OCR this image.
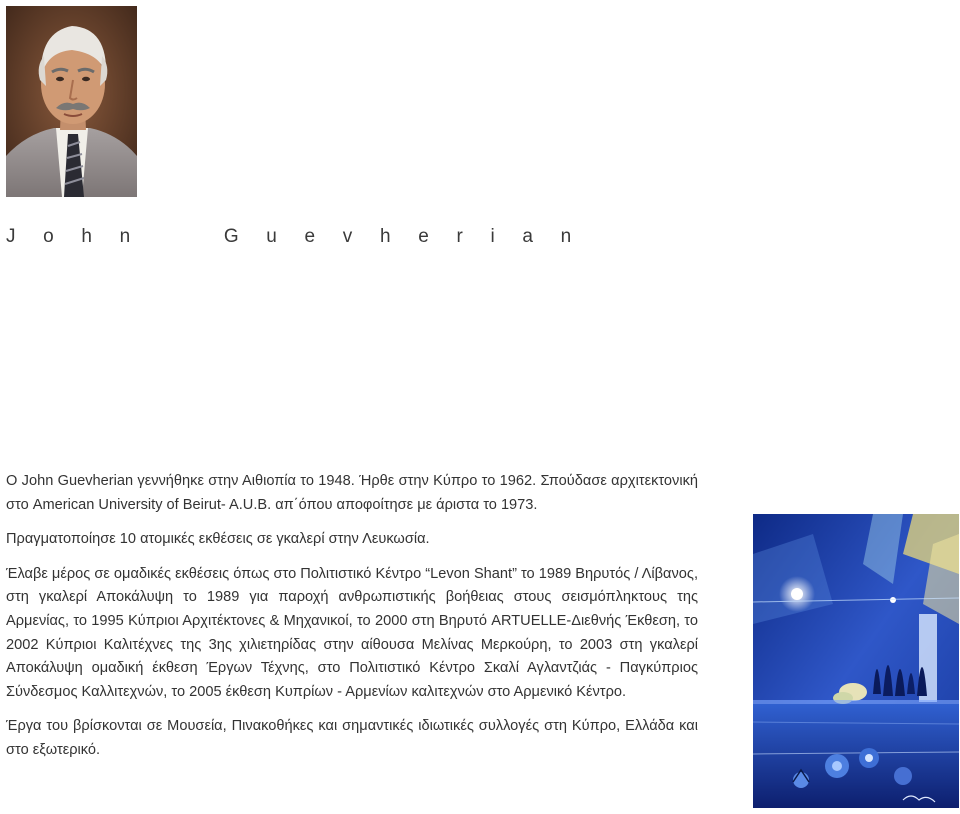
J o h n     G u e v h e r i a n

Ο John Guevherian γεννήθηκε στην Αιθιοπία το 1948. Ήρθε στην Κύπρο το 1962. Σπούδασε αρχιτεκτονική στο American University of Beirut- A.U.B. απ΄όπου αποφοίτησε με άριστα το 1973.

Πραγματοποίησε 10 ατομικές εκθέσεις σε γκαλερί στην Λευκωσία.

Έλαβε μέρος σε ομαδικές εκθέσεις όπως στο Πολιτιστικό Κέντρο “Levon Shant” το 1989 Βηρυτός / Λίβανος, στη γκαλερί Αποκάλυψη το 1989 για παροχή ανθρωπιστικής βοήθειας στους σεισμόπληκτους της Αρμενίας, το 1995 Κύπριοι Αρχιτέκτονες & Μηχανικοί, το 2000 στη Βηρυτό ARTUELLE-Διεθνής Έκθεση, το 2002 Κύπριοι Καλιτέχνες της 3ης χιλιετηρίδας στην αίθουσα Μελίνας Μερκούρη, το 2003 στη γκαλερί Αποκάλυψη ομαδική έκθεση Έργων Τέχνης, στο Πολιτιστικό Κέντρο Σκαλί Αγλαντζιάς - Παγκύπριος Σύνδεσμος Καλλιτεχνών, το 2005 έκθεση Κυπρίων - Αρμενίων καλιτεχνών στο Αρμενικό Κέντρο.

Έργα του βρίσκονται σε Μουσεία, Πινακοθήκες και σημαντικές ιδιωτικές συλλογές στη Κύπρο, Ελλάδα και στο εξωτερικό.
